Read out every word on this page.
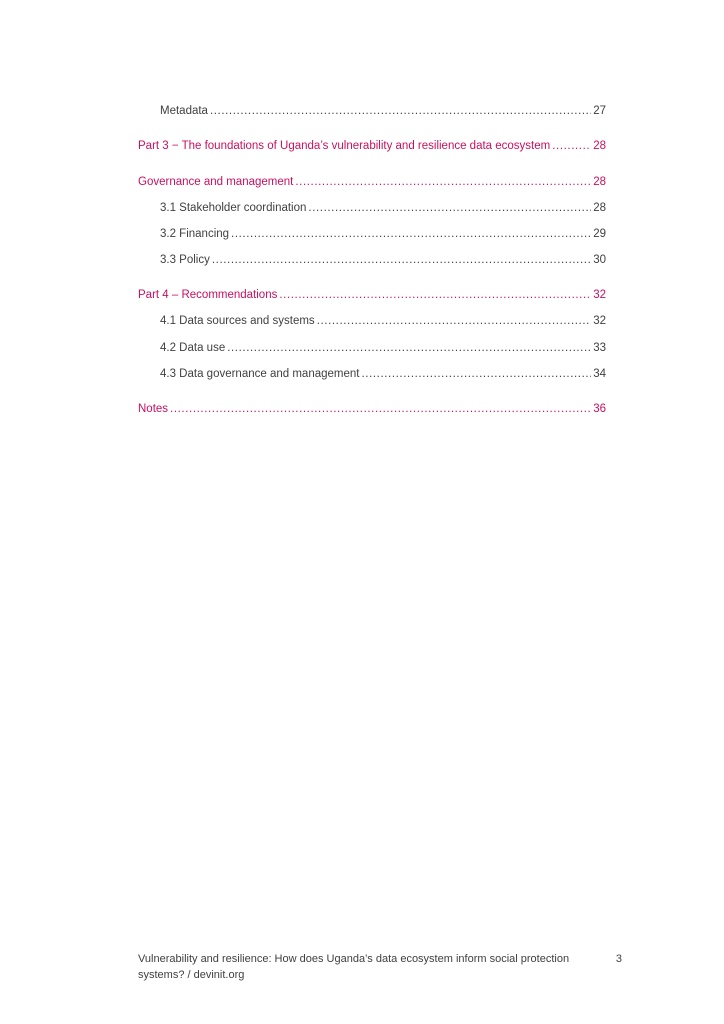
Metadata .....	27
Part 3 − The foundations of Uganda’s vulnerability and resilience data ecosystem .....	28
Governance and management .....	28
3.1 Stakeholder coordination .....	28
3.2 Financing .....	29
3.3 Policy .....	30
Part 4 – Recommendations .....	32
4.1 Data sources and systems .....	32
4.2 Data use .....	33
4.3 Data governance and management .....	34
Notes .....	36
Vulnerability and resilience: How does Uganda’s data ecosystem inform social protection systems? / devinit.org
3
